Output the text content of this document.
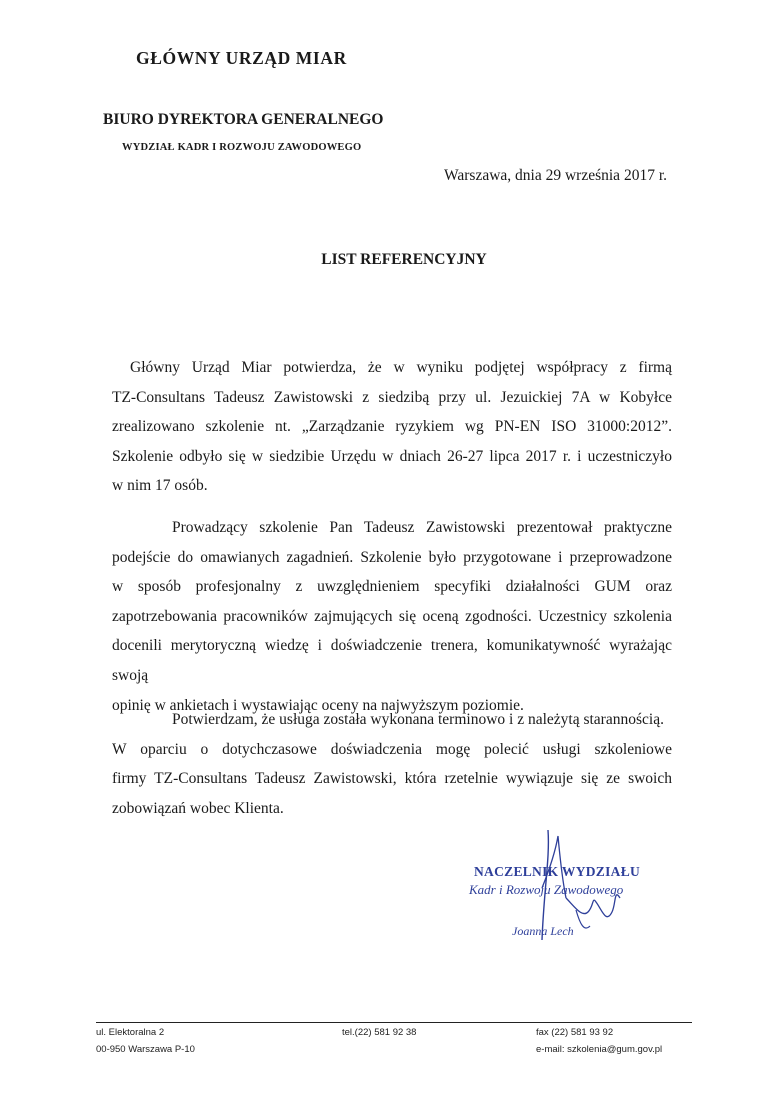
GŁÓWNY URZĄD MIAR
BIURO DYREKTORA GENERALNEGO
WYDZIAŁ KADR I ROZWOJU ZAWODOWEGO
Warszawa, dnia 29 września 2017 r.
LIST REFERENCYJNY
Główny Urząd Miar potwierdza, że w wyniku podjętej współpracy z firmą
TZ-Consultans Tadeusz Zawistowski z siedzibą przy ul. Jezuickiej 7A w Kobyłce
zrealizowano szkolenie nt. „Zarządzanie ryzykiem wg PN-EN ISO 31000:2012”.
Szkolenie odbyło się w siedzibie Urzędu w dniach 26-27 lipca 2017 r. i uczestniczyło
w nim 17 osób.
Prowadzący szkolenie Pan Tadeusz Zawistowski prezentował praktyczne
podejście do omawianych zagadnień. Szkolenie było przygotowane i przeprowadzone
w sposób profesjonalny z uwzględnieniem specyfiki działalności GUM oraz
zapotrzebowania pracowników zajmujących się oceną zgodności. Uczestnicy szkolenia
docenili merytoryczną wiedzę i doświadczenie trenera, komunikatywność wyrażając swoją
opinię w ankietach i wystawiając oceny na najwyższym poziomie.
Potwierdzam, że usługa została wykonana terminowo i z należytą starannością.
W oparciu o dotychczasowe doświadczenia mogę polecić usługi szkoleniowe
firmy TZ-Consultans Tadeusz Zawistowski, która rzetelnie wywiązuje się ze swoich
zobowiązań wobec Klienta.
NACZELNIK WYDZIAŁU
Kadr i Rozwoju Zawodowego
Joanna Lech
ul. Elektoralna 2
00-950 Warszawa P-10
tel.(22) 581 92 38	fax (22) 581 93 92
e-mail: szkolenia@gum.gov.pl
